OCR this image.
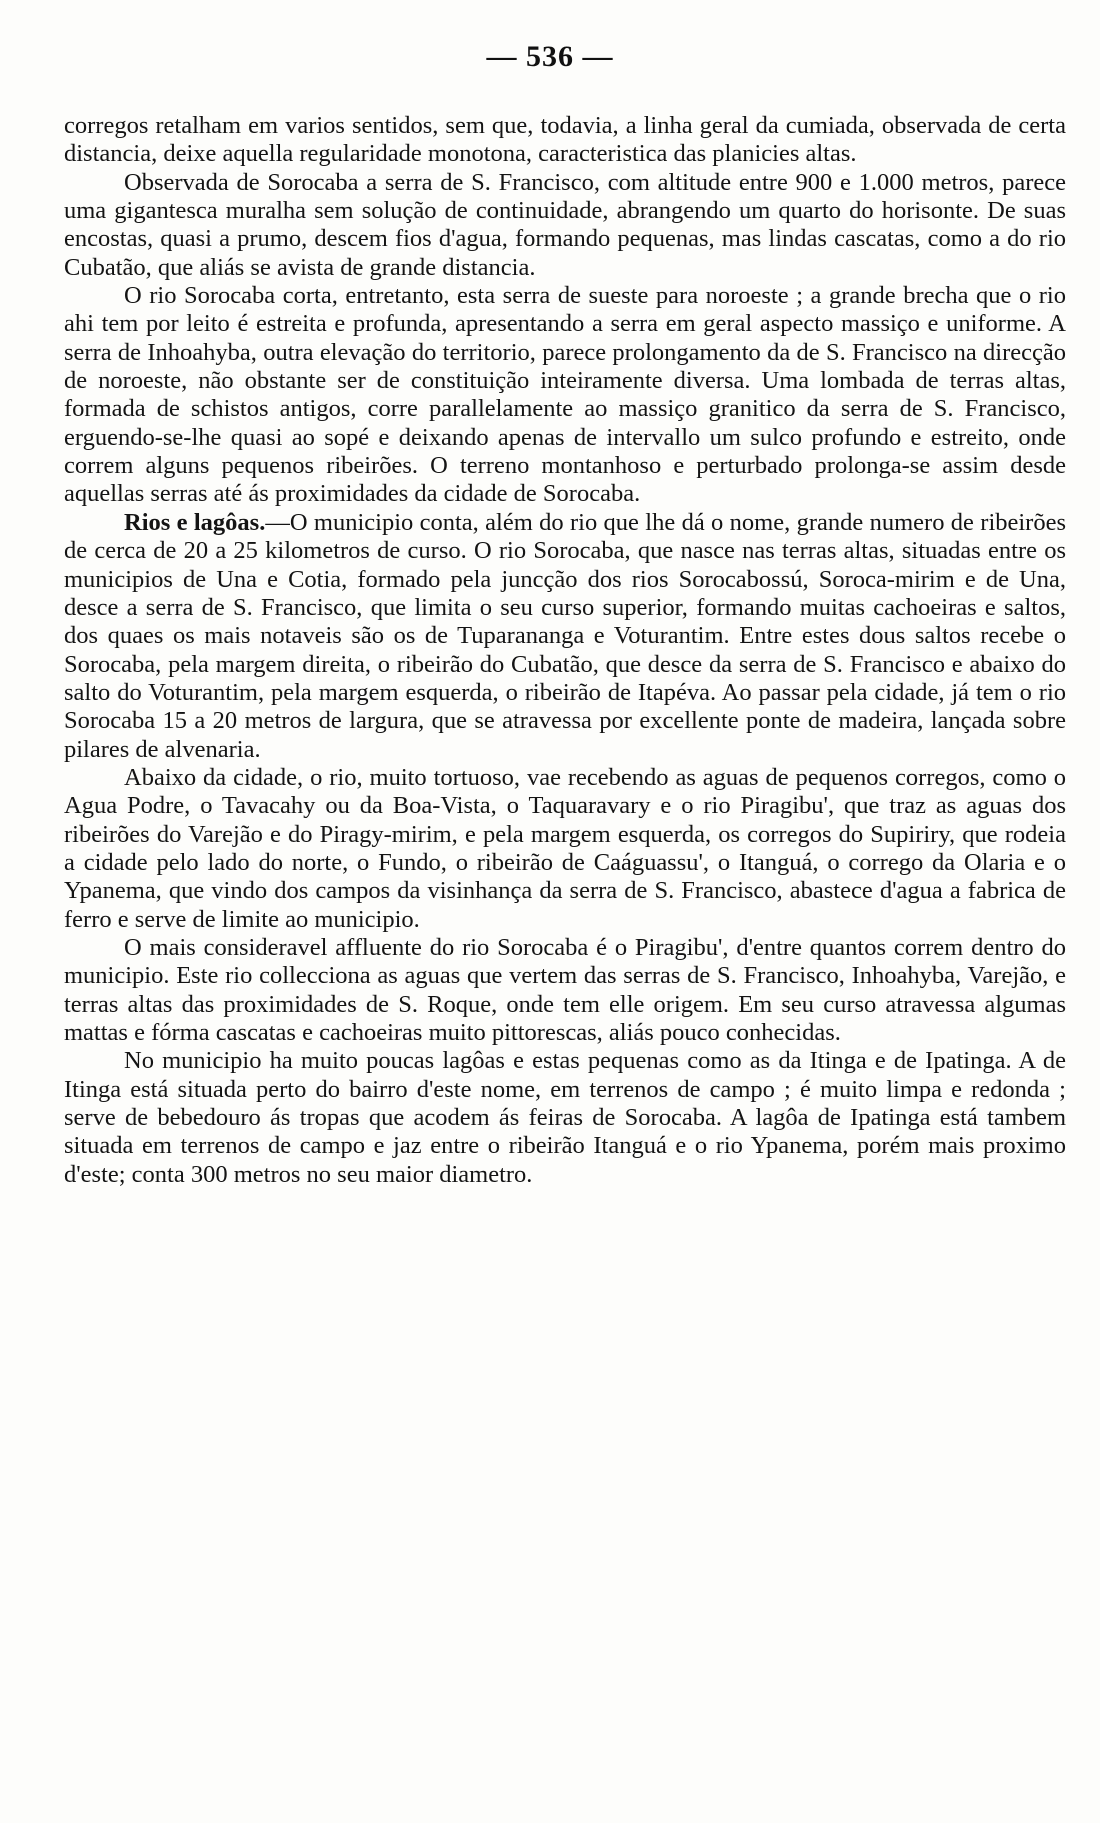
— 536 —

corregos retalham em varios sentidos, sem que, todavia, a linha geral da cumiada, observada de certa distancia, deixe aquella regularidade monotona, caracteristica das planicies altas.

Observada de Sorocaba a serra de S. Francisco, com altitude entre 900 e 1.000 metros, parece uma gigantesca muralha sem solução de continuidade, abrangendo um quarto do horisonte. De suas encostas, quasi a prumo, descem fios d'agua, formando pequenas, mas lindas cascatas, como a do rio Cubatão, que aliás se avista de grande distancia.

O rio Sorocaba corta, entretanto, esta serra de sueste para noroeste ; a grande brecha que o rio ahi tem por leito é estreita e profunda, apresentando a serra em geral aspecto massiço e uniforme. A serra de Inhoahyba, outra elevação do territorio, parece prolongamento da de S. Francisco na direcção de noroeste, não obstante ser de constituição inteiramente diversa. Uma lombada de terras altas, formada de schistos antigos, corre parallelamente ao massiço granitico da serra de S. Francisco, erguendo-se-lhe quasi ao sopé e deixando apenas de intervallo um sulco profundo e estreito, onde correm alguns pequenos ribeirões. O terreno montanhoso e perturbado prolonga-se assim desde aquellas serras até ás proximidades da cidade de Sorocaba.

Rios e lagôas.—O municipio conta, além do rio que lhe dá o nome, grande numero de ribeirões de cerca de 20 a 25 kilometros de curso. O rio Sorocaba, que nasce nas terras altas, situadas entre os municipios de Una e Cotia, formado pela juncção dos rios Sorocabossú, Soroca-mirim e de Una, desce a serra de S. Francisco, que limita o seu curso superior, formando muitas cachoeiras e saltos, dos quaes os mais notaveis são os de Tuparananga e Voturantim. Entre estes dous saltos recebe o Sorocaba, pela margem direita, o ribeirão do Cubatão, que desce da serra de S. Francisco e abaixo do salto do Voturantim, pela margem esquerda, o ribeirão de Itapéva. Ao passar pela cidade, já tem o rio Sorocaba 15 a 20 metros de largura, que se atravessa por excellente ponte de madeira, lançada sobre pilares de alvenaria.

Abaixo da cidade, o rio, muito tortuoso, vae recebendo as aguas de pequenos corregos, como o Agua Podre, o Tavacahy ou da Boa-Vista, o Taquaravary e o rio Piragibu', que traz as aguas dos ribeirões do Varejão e do Piragy-mirim, e pela margem esquerda, os corregos do Supiriry, que rodeia a cidade pelo lado do norte, o Fundo, o ribeirão de Caáguassu', o Itanguá, o corrego da Olaria e o Ypanema, que vindo dos campos da visinhança da serra de S. Francisco, abastece d'agua a fabrica de ferro e serve de limite ao municipio.

O mais consideravel affluente do rio Sorocaba é o Piragibu', d'entre quantos correm dentro do municipio. Este rio collecciona as aguas que vertem das serras de S. Francisco, Inhoahyba, Varejão, e terras altas das proximidades de S. Roque, onde tem elle origem. Em seu curso atravessa algumas mattas e fórma cascatas e cachoeiras muito pittorescas, aliás pouco conhecidas.

No municipio ha muito poucas lagôas e estas pequenas como as da Itinga e de Ipatinga. A de Itinga está situada perto do bairro d'este nome, em terrenos de campo ; é muito limpa e redonda ; serve de bebedouro ás tropas que acodem ás feiras de Sorocaba. A lagôa de Ipatinga está tambem situada em terrenos de campo e jaz entre o ribeirão Itanguá e o rio Ypanema, porém mais proximo d'este; conta 300 metros no seu maior diametro.
